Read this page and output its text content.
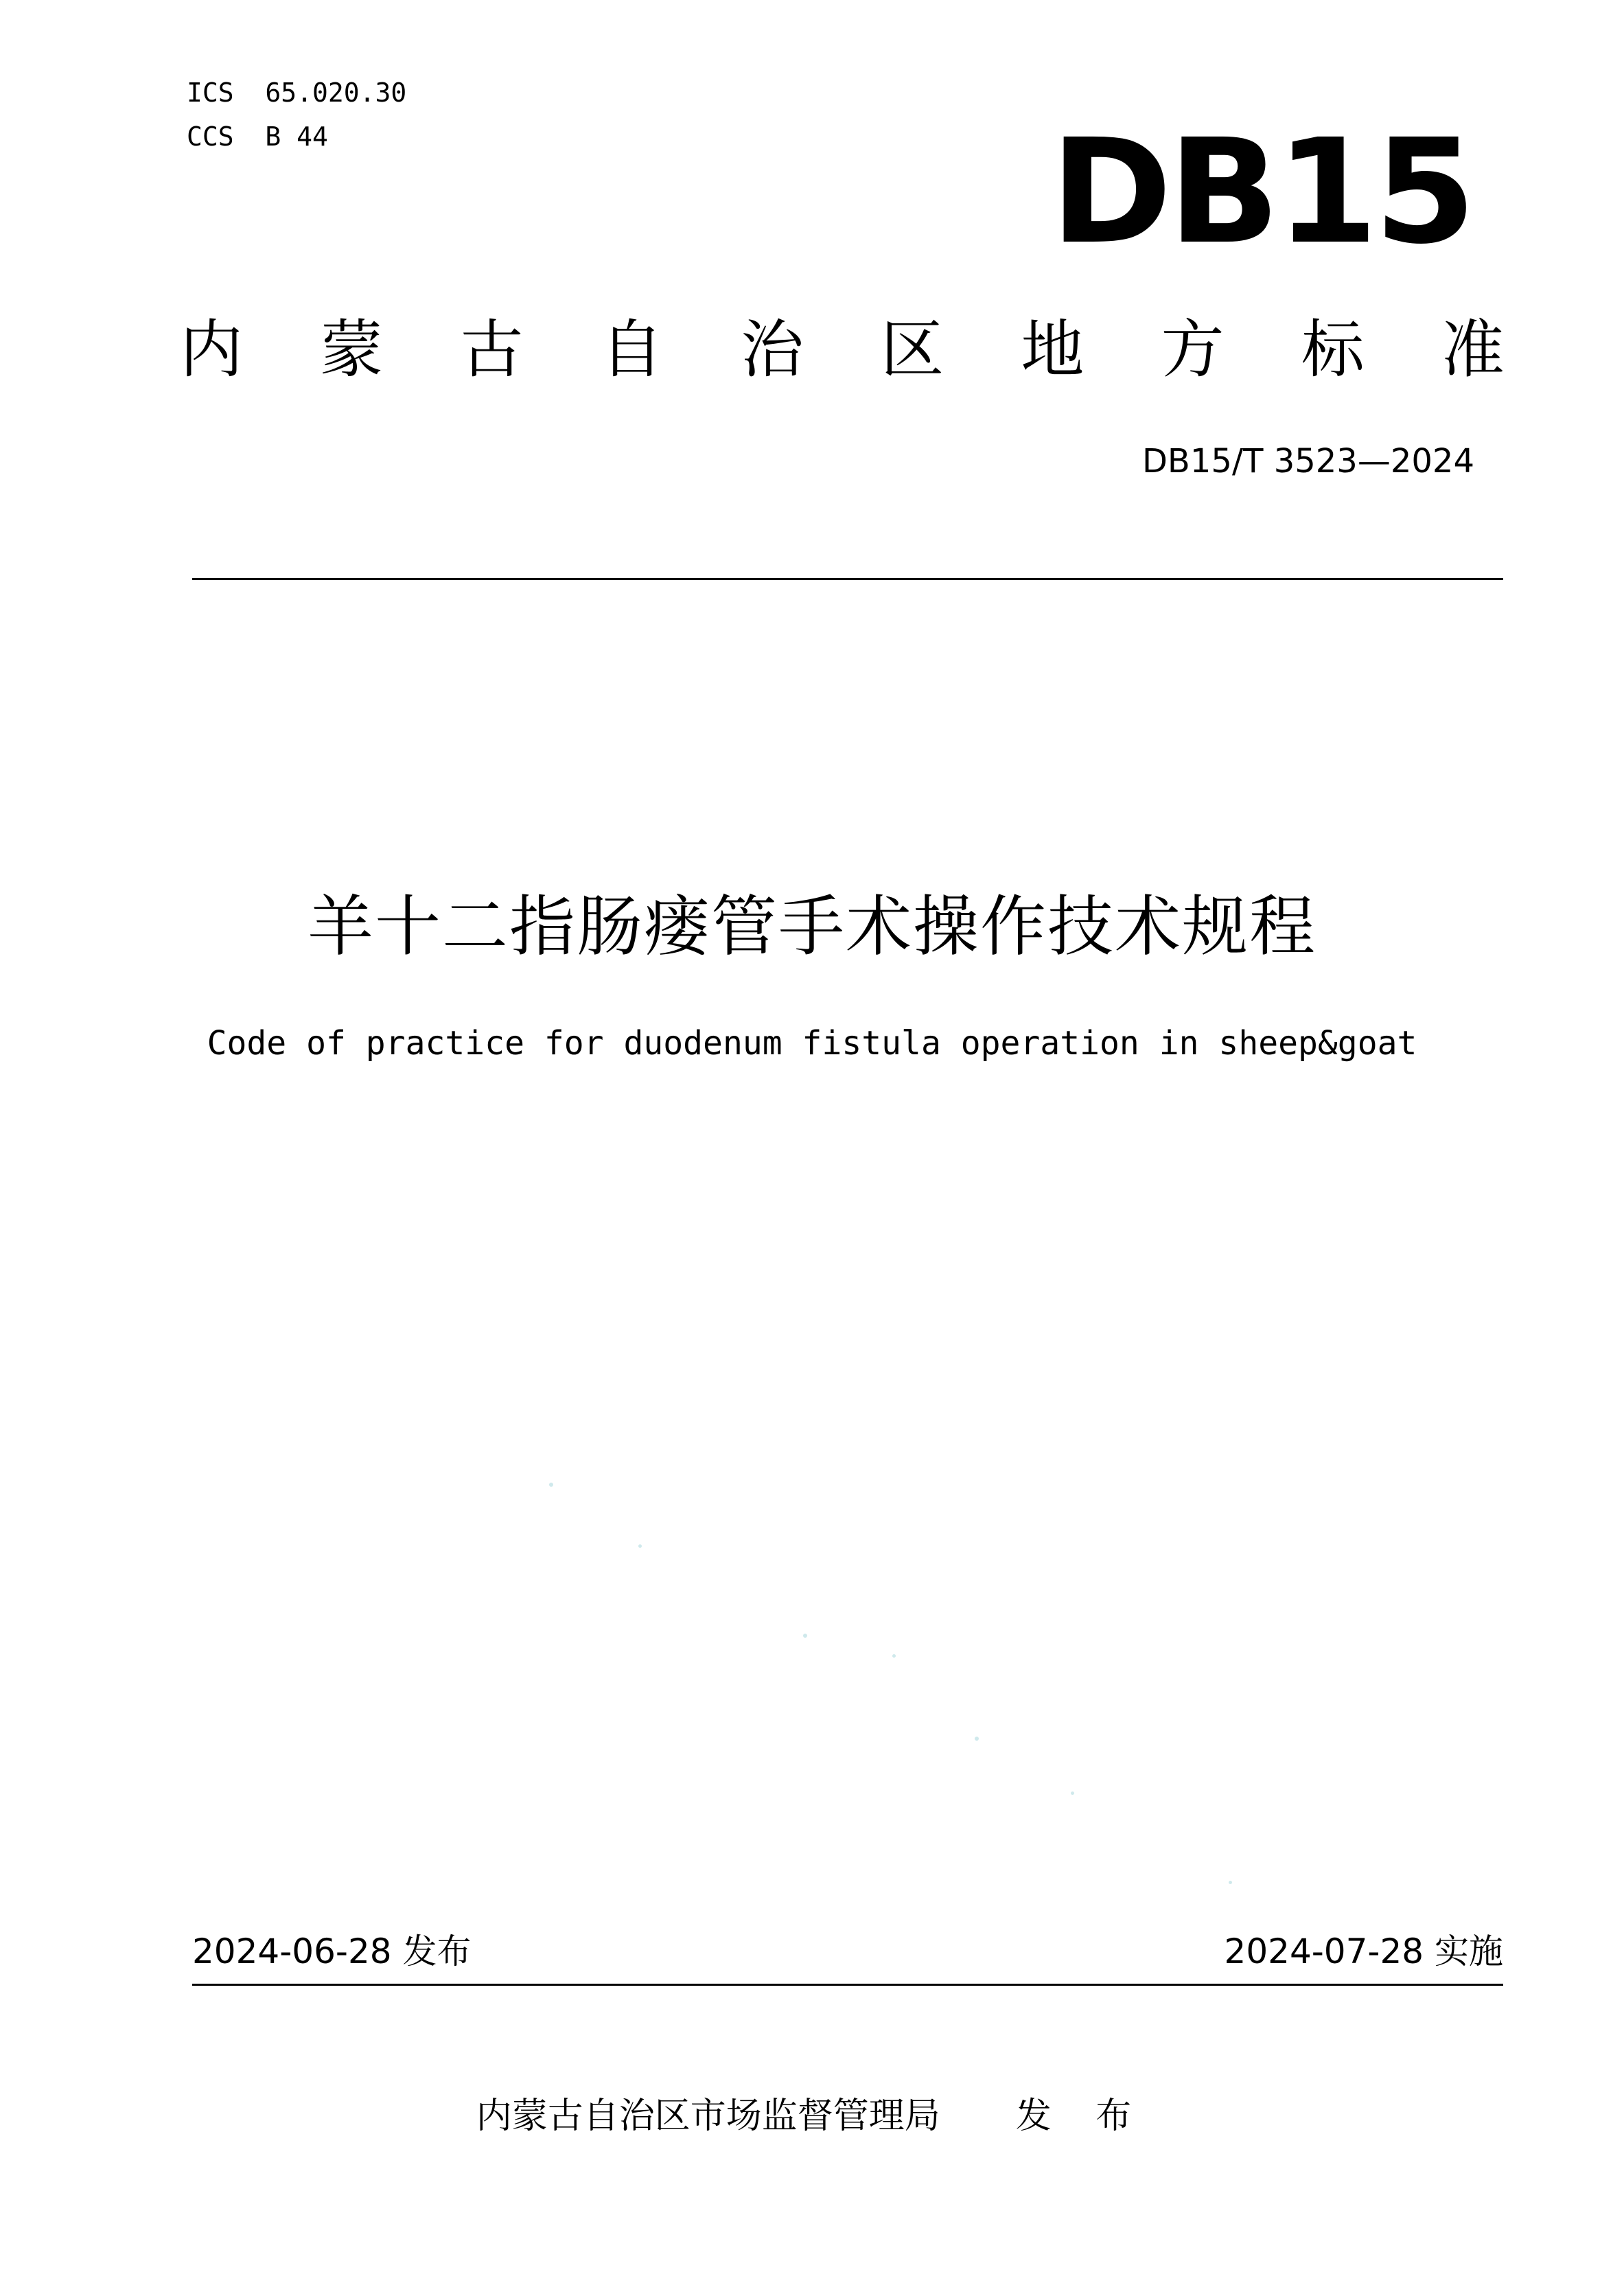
ICS  65.020.30
CCS  B 44	DB15
内 蒙 古 自 治 区 地 方 标 准
DB15/T 3523—2024
羊十二指肠瘘管手术操作技术规程
Code of practice for duodenum fistula operation in sheep&goat
2024-06-28 发布	2024-07-28 实施
内蒙古自治区市场监督管理局 发 布
